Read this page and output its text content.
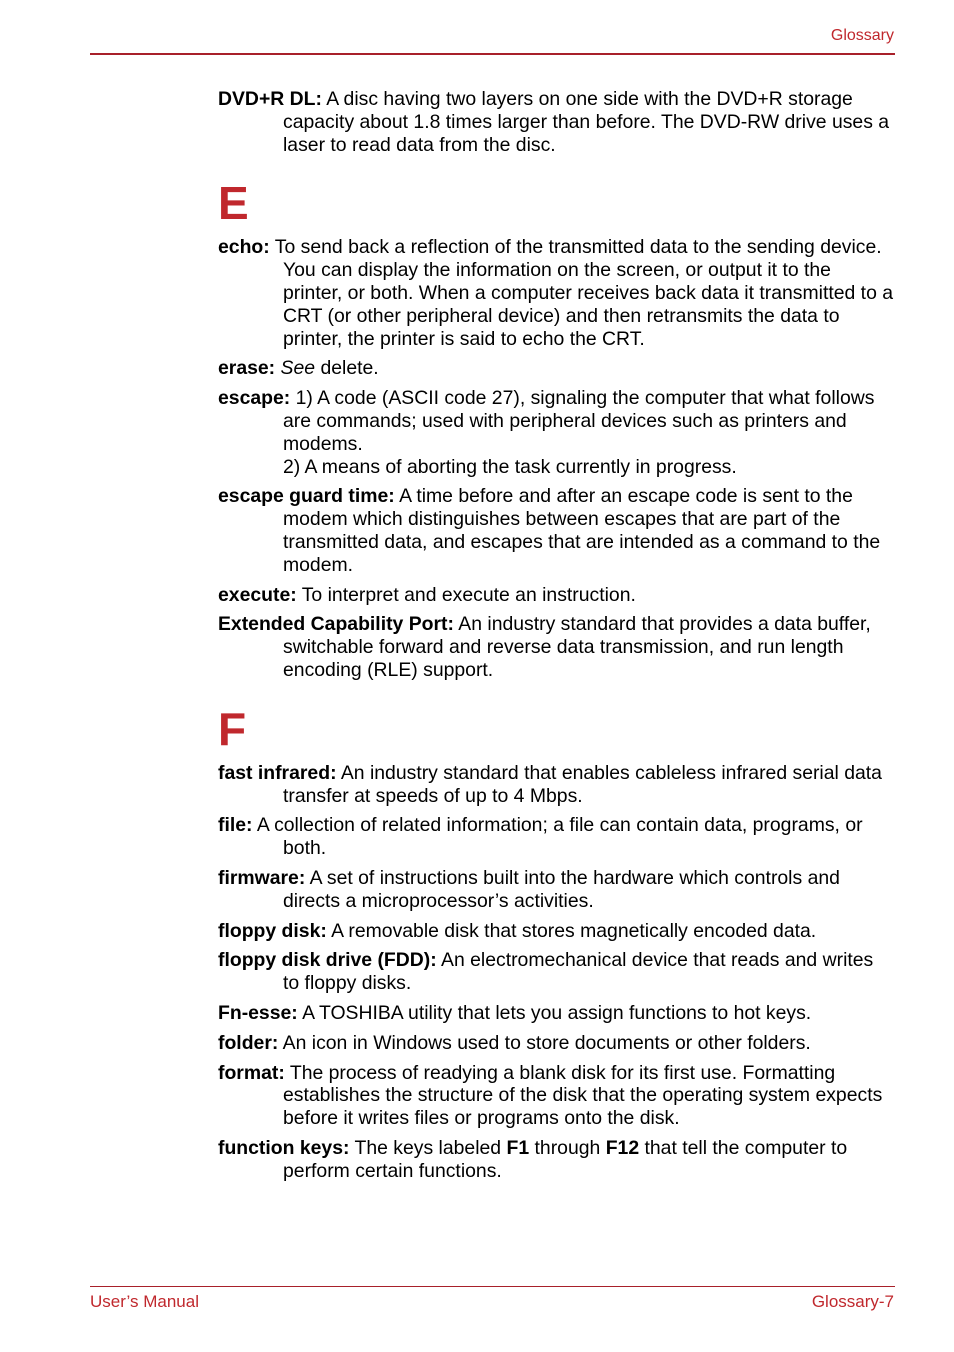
Glossary

DVD+R DL: A disc having two layers on one side with the DVD+R storage capacity about 1.8 times larger than before. The DVD-RW drive uses a laser to read data from the disc.

E

echo: To send back a reflection of the transmitted data to the sending device. You can display the information on the screen, or output it to the printer, or both. When a computer receives back data it transmitted to a CRT (or other peripheral device) and then retransmits the data to printer, the printer is said to echo the CRT.

erase: See delete.

escape: 1) A code (ASCII code 27), signaling the computer that what follows are commands; used with peripheral devices such as printers and modems.
2) A means of aborting the task currently in progress.

escape guard time: A time before and after an escape code is sent to the modem which distinguishes between escapes that are part of the transmitted data, and escapes that are intended as a command to the modem.

execute: To interpret and execute an instruction.

Extended Capability Port: An industry standard that provides a data buffer, switchable forward and reverse data transmission, and run length encoding (RLE) support.

F

fast infrared: An industry standard that enables cableless infrared serial data transfer at speeds of up to 4 Mbps.

file: A collection of related information; a file can contain data, programs, or both.

firmware: A set of instructions built into the hardware which controls and directs a microprocessor’s activities.

floppy disk: A removable disk that stores magnetically encoded data.

floppy disk drive (FDD): An electromechanical device that reads and writes to floppy disks.

Fn-esse: A TOSHIBA utility that lets you assign functions to hot keys.

folder: An icon in Windows used to store documents or other folders.

format: The process of readying a blank disk for its first use. Formatting establishes the structure of the disk that the operating system expects before it writes files or programs onto the disk.

function keys: The keys labeled F1 through F12 that tell the computer to perform certain functions.

User’s Manual	Glossary-7
